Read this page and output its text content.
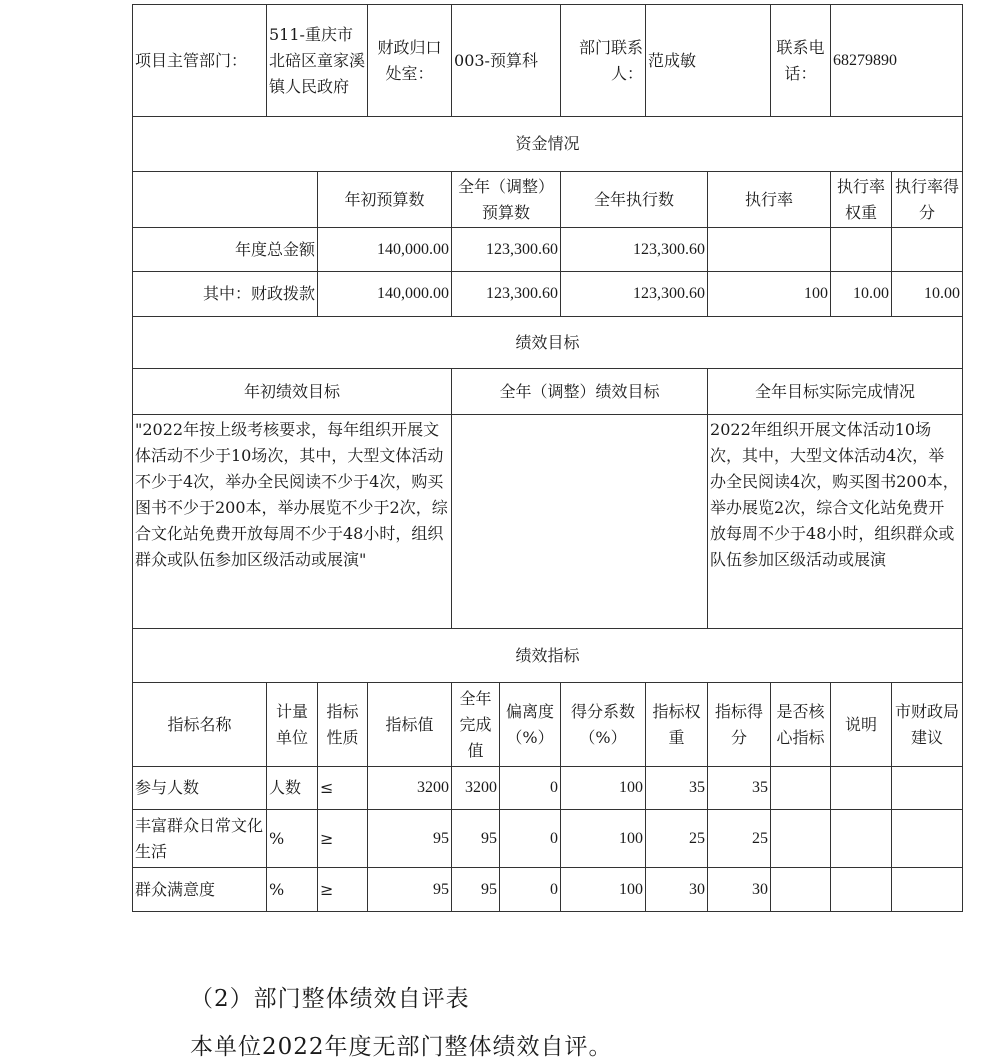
项目主管部门：	511-重庆市北碚区童家溪镇人民政府		财政归口处室：	003-预算科		部门联系人：	范成敏		联系电话：	68279890	
资金情况											
		年初预算数		全年（调整）预算数		全年执行数		执行率		执行率权重	执行率得分
年度总金额		140,000.00		123,300.60		123,300.60					
其中：财政拨款		140,000.00		123,300.60		123,300.60		100		10.00	10.00
绩效目标											
年初绩效目标				全年（调整）绩效目标				全年目标实际完成情况			
"2022年按上级考核要求，每年组织开展文体活动不少于10场次，其中，大型文体活动不少于4次，举办全民阅读不少于4次，购买图书不少于200本，举办展览不少于2次，综合文化站免费开放每周不少于48小时，组织群众或队伍参加区级活动或展演"								2022年组织开展文体活动10场次，其中，大型文体活动4次，举办全民阅读4次，购买图书200本，举办展览2次，综合文化站免费开放每周不少于48小时，组织群众或队伍参加区级活动或展演			
绩效指标											
指标名称	计量单位	指标性质	指标值	全年完成值	偏离度（%）	得分系数（%）	指标权重	指标得分	是否核心指标	说明	市财政局建议
参与人数	人数	≤	3200	3200	0	100	35	35			
丰富群众日常文化生活	%	≥	95	95	0	100	25	25			
群众满意度	%	≥	95	95	0	100	30	30			
（2）部门整体绩效自评表
本单位2022年度无部门整体绩效自评。
